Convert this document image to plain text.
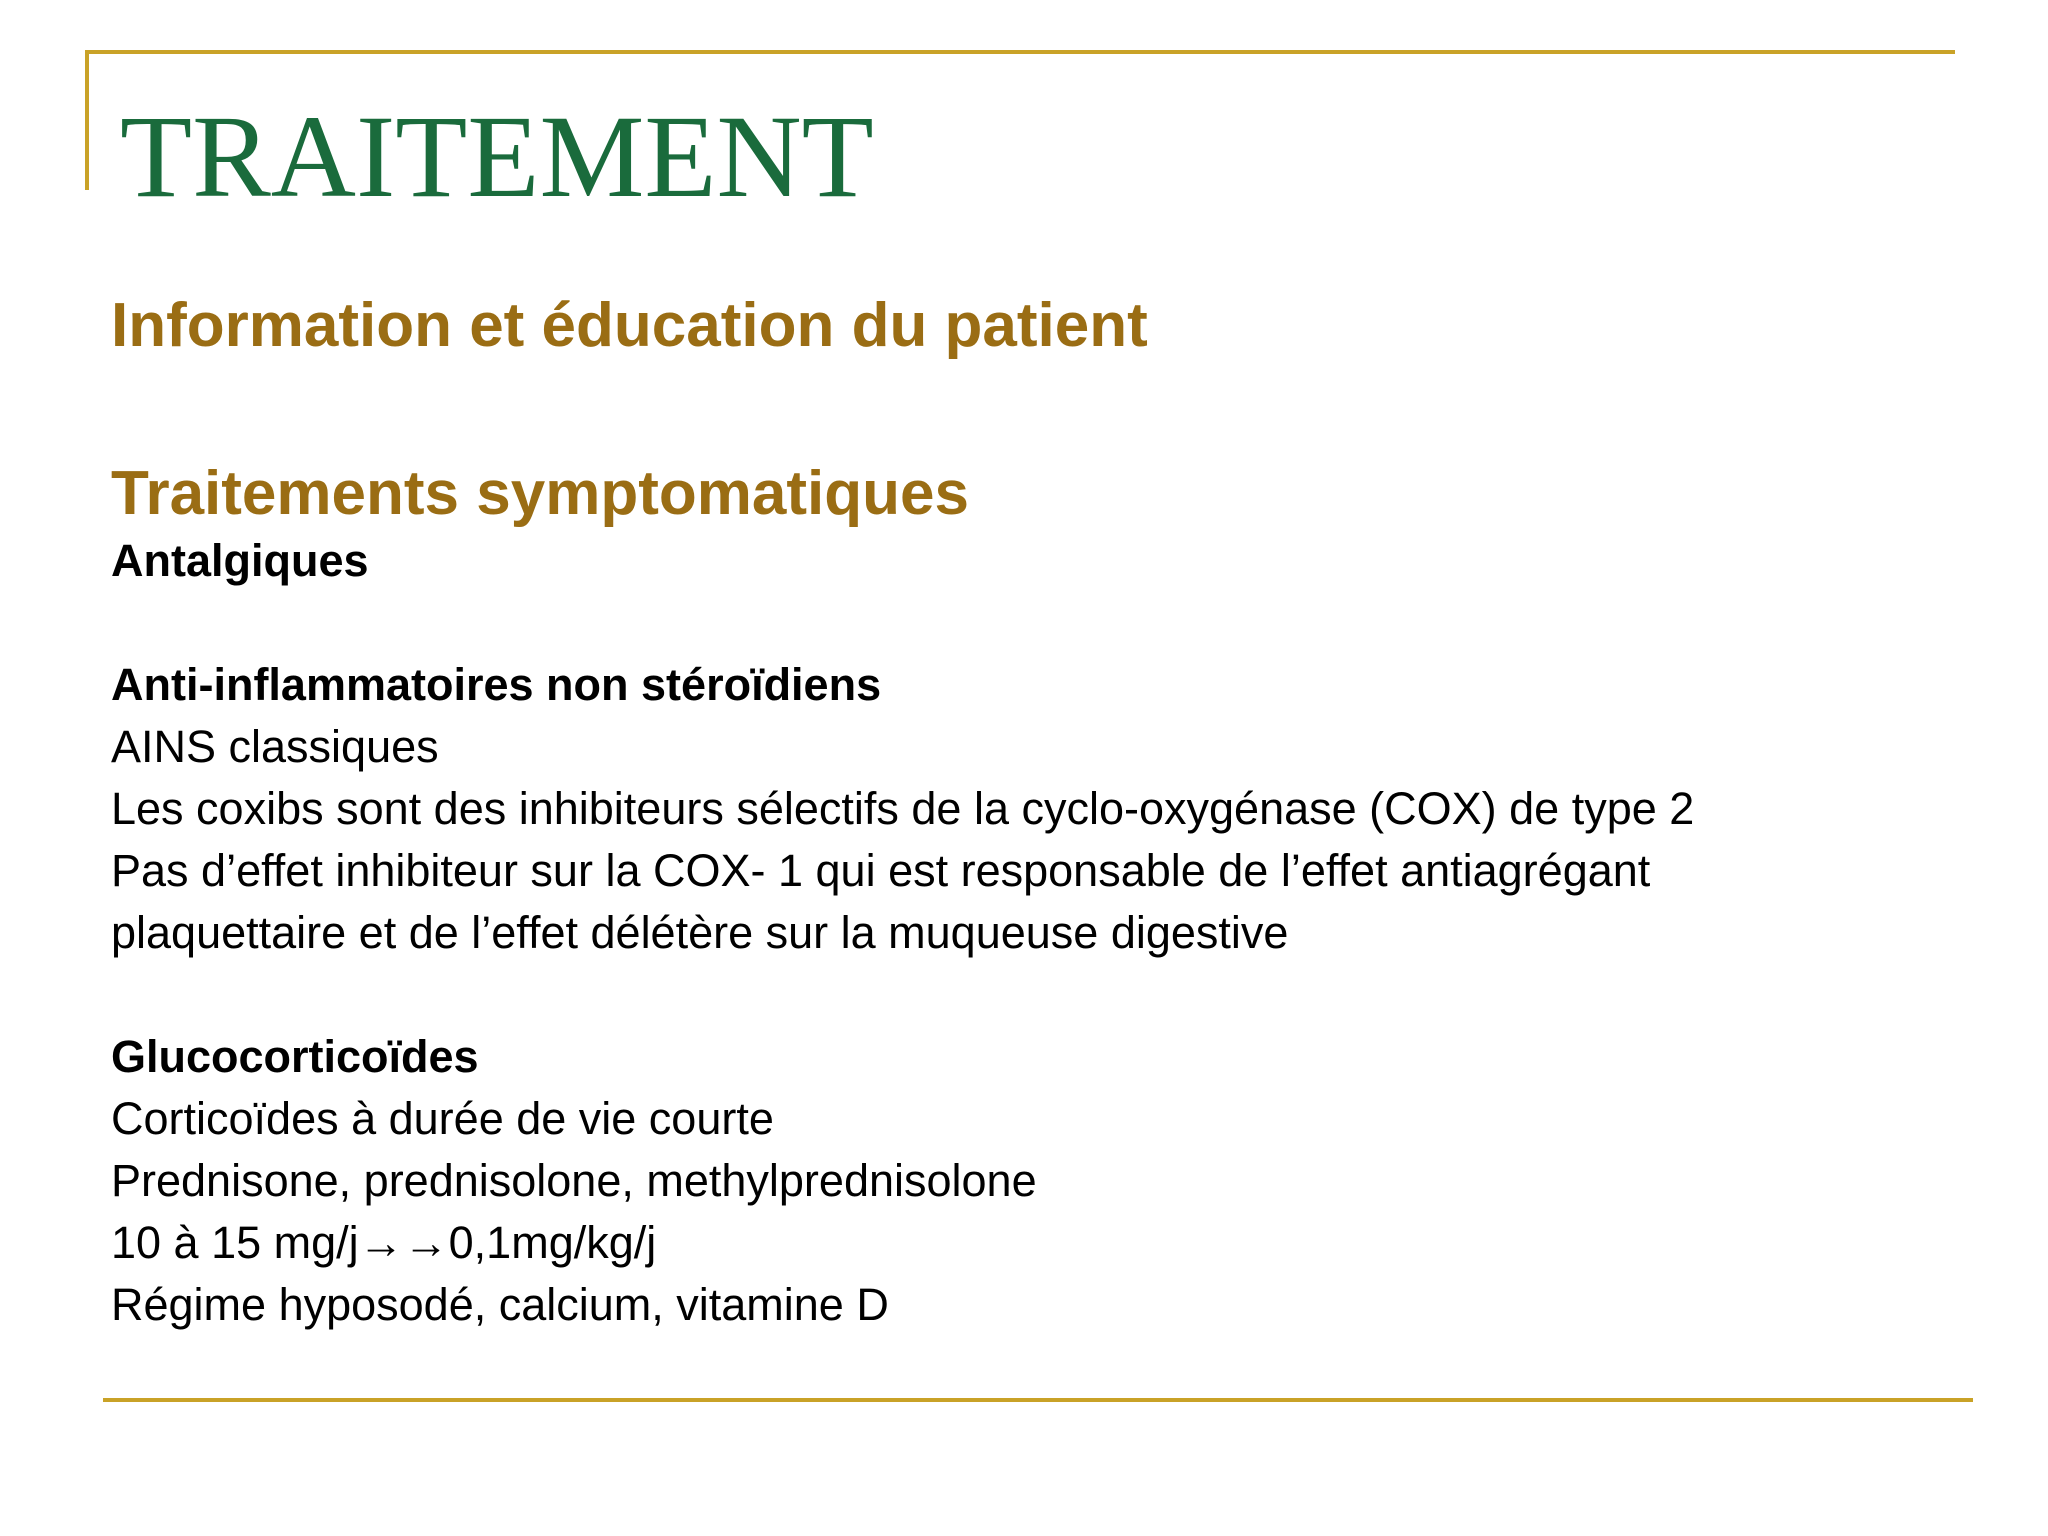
TRAITEMENT

Information et éducation du patient

Traitements symptomatiques

Antalgiques

Anti-inflammatoires non stéroïdiens

AINS classiques

Les coxibs sont des inhibiteurs sélectifs de la cyclo-oxygénase (COX) de type 2

Pas d’effet inhibiteur sur la COX- 1 qui est responsable de l’effet antiagrégant

plaquettaire et de l’effet délétère sur la muqueuse digestive

Glucocorticoïdes

Corticoïdes à durée de vie courte

Prednisone, prednisolone, methylprednisolone

10 à 15 mg/j→→0,1mg/kg/j

Régime hyposodé, calcium, vitamine D
